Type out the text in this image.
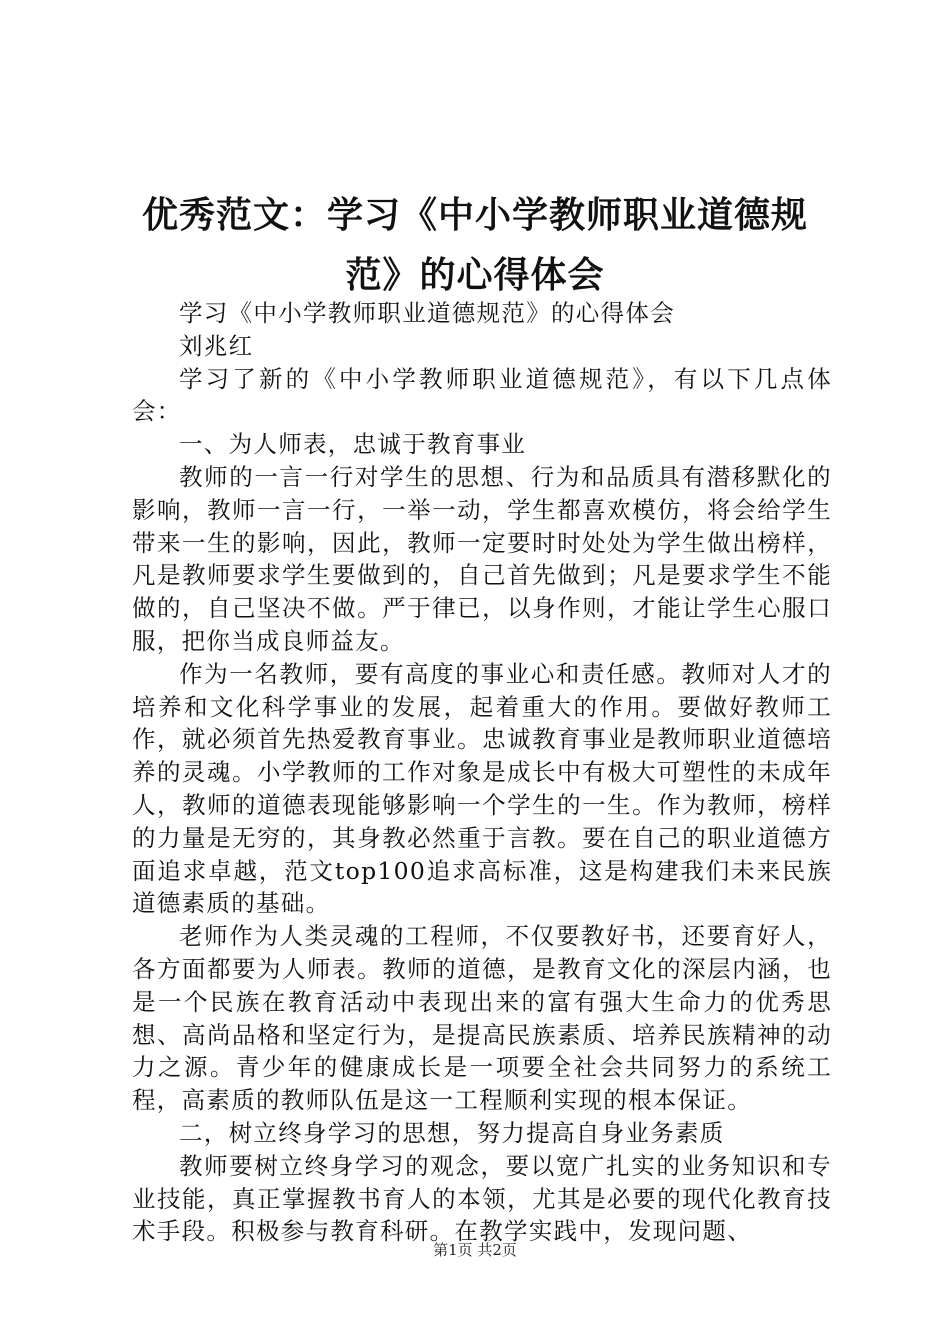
优秀范文：学习《中小学教师职业道德规范》的心得体会

学习《中小学教师职业道德规范》的心得体会

刘兆红

学习了新的《中小学教师职业道德规范》，有以下几点体会：

一、为人师表，忠诚于教育事业

教师的一言一行对学生的思想、行为和品质具有潜移默化的影响，教师一言一行，一举一动，学生都喜欢模仿，将会给学生带来一生的影响，因此，教师一定要时时处处为学生做出榜样，凡是教师要求学生要做到的，自己首先做到；凡是要求学生不能做的，自己坚决不做。严于律已，以身作则，才能让学生心服口服，把你当成良师益友。

作为一名教师，要有高度的事业心和责任感。教师对人才的培养和文化科学事业的发展，起着重大的作用。要做好教师工作，就必须首先热爱教育事业。忠诚教育事业是教师职业道德培养的灵魂。小学教师的工作对象是成长中有极大可塑性的未成年人，教师的道德表现能够影响一个学生的一生。作为教师，榜样的力量是无穷的，其身教必然重于言教。要在自己的职业道德方面追求卓越，范文top100追求高标准，这是构建我们未来民族道德素质的基础。

老师作为人类灵魂的工程师，不仅要教好书，还要育好人，各方面都要为人师表。教师的道德，是教育文化的深层内涵，也是一个民族在教育活动中表现出来的富有强大生命力的优秀思想、高尚品格和坚定行为，是提高民族素质、培养民族精神的动力之源。青少年的健康成长是一项要全社会共同努力的系统工程，高素质的教师队伍是这一工程顺利实现的根本保证。

二，树立终身学习的思想，努力提高自身业务素质

教师要树立终身学习的观念，要以宽广扎实的业务知识和专业技能，真正掌握教书育人的本领，尤其是必要的现代化教育技术手段。积极参与教育科研。在教学实践中，发现问题、

第1页 共2页
